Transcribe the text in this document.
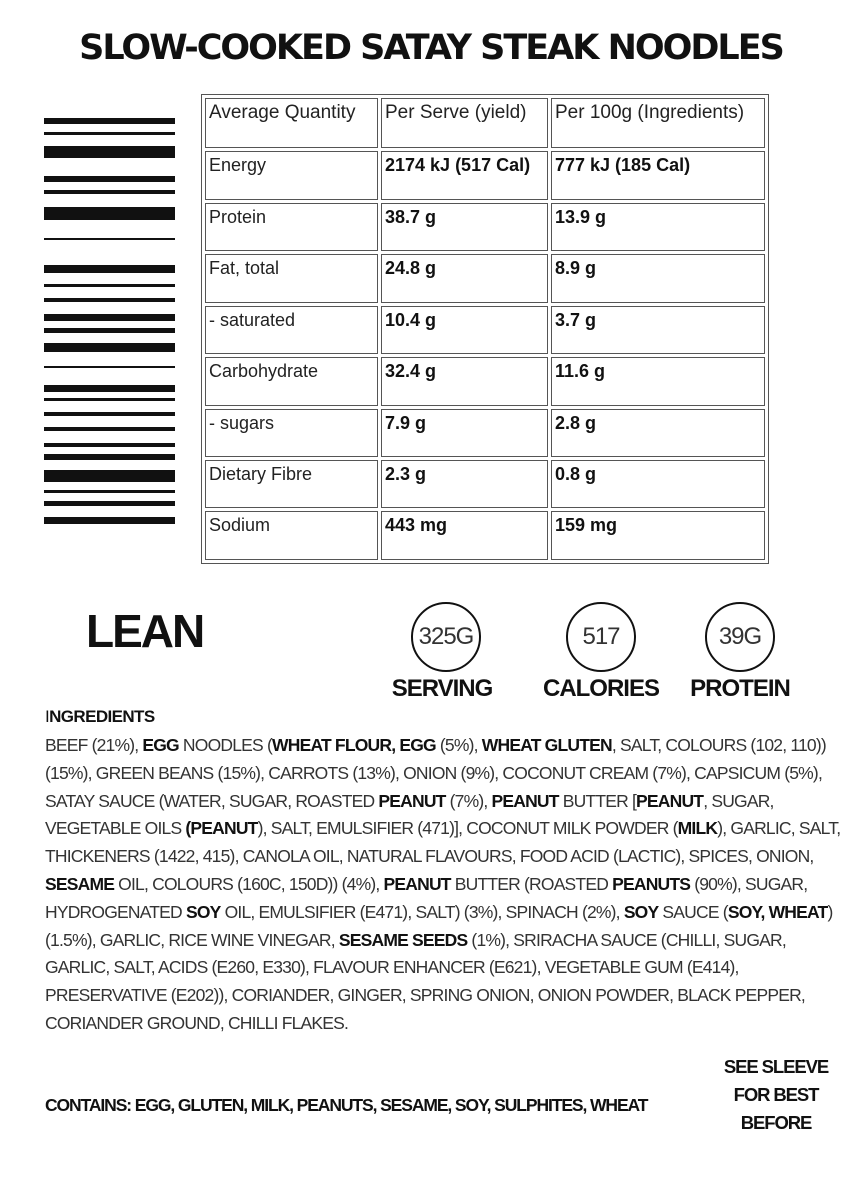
SLOW-COOKED SATAY STEAK NOODLES
Average Quantity	Per Serve (yield)	Per 100g (Ingredients)
Energy	2174 kJ (517 Cal)	777 kJ (185 Cal)
Protein	38.7 g	13.9 g
Fat, total	24.8 g	8.9 g
- saturated	10.4 g	3.7 g
Carbohydrate	32.4 g	11.6 g
- sugars	7.9 g	2.8 g
Dietary Fibre	2.3 g	0.8 g
Sodium	443 mg	159 mg
LEAN	325G	517	39G
SERVING	CALORIES	PROTEIN
INGREDIENTS

BEEF (21%), EGG NOODLES (WHEAT FLOUR, EGG (5%), WHEAT GLUTEN, SALT, COLOURS (102, 110)) (15%), GREEN BEANS (15%), CARROTS (13%), ONION (9%), COCONUT CREAM (7%), CAPSICUM (5%), SATAY SAUCE (WATER, SUGAR, ROASTED PEANUT (7%), PEANUT BUTTER [PEANUT, SUGAR, VEGETABLE OILS (PEANUT), SALT, EMULSIFIER (471)], COCONUT MILK POWDER (MILK), GARLIC, SALT, THICKENERS (1422, 415), CANOLA OIL, NATURAL FLAVOURS, FOOD ACID (LACTIC), SPICES, ONION, SESAME OIL, COLOURS (160C, 150D)) (4%), PEANUT BUTTER (ROASTED PEANUTS (90%), SUGAR, HYDROGENATED SOY OIL, EMULSIFIER (E471), SALT) (3%), SPINACH (2%), SOY SAUCE (SOY, WHEAT) (1.5%), GARLIC, RICE WINE VINEGAR, SESAME SEEDS (1%), SRIRACHA SAUCE (CHILLI, SUGAR, GARLIC, SALT, ACIDS (E260, E330), FLAVOUR ENHANCER (E621), VEGETABLE GUM (E414), PRESERVATIVE (E202)), CORIANDER, GINGER, SPRING ONION, ONION POWDER, BLACK PEPPER, CORIANDER GROUND, CHILLI FLAKES.

CONTAINS: EGG, GLUTEN, MILK, PEANUTS, SESAME, SOY, SULPHITES, WHEAT
SEE SLEEVE
FOR BEST
BEFORE
